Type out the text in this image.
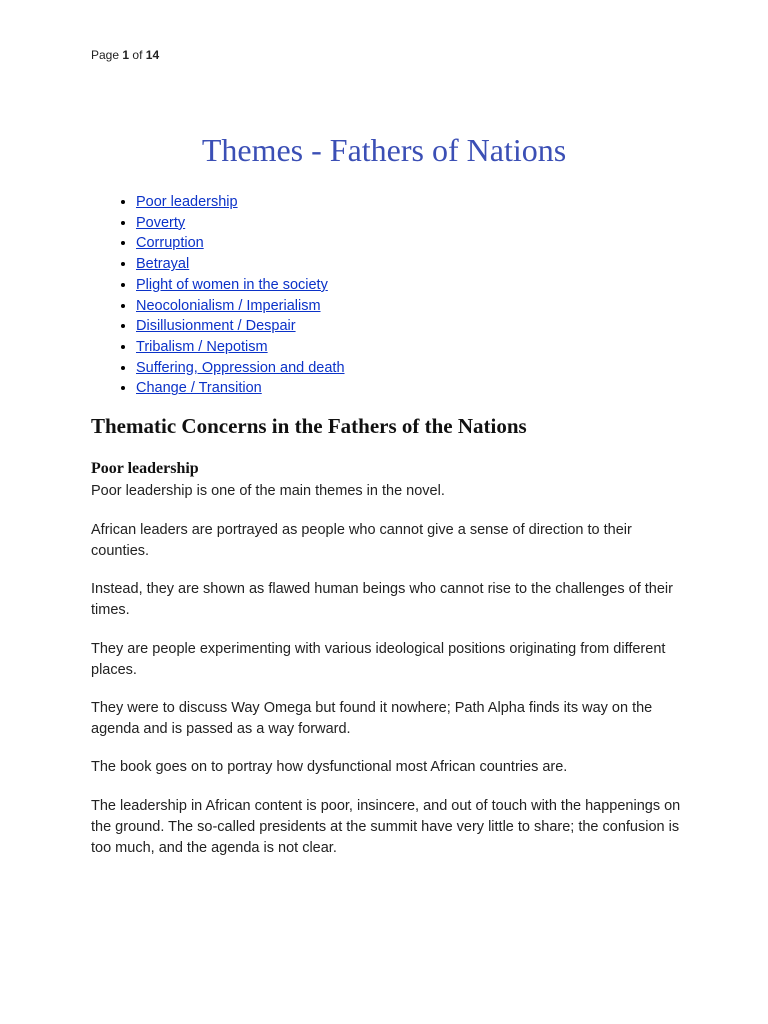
Page 1 of 14
Themes - Fathers of Nations
• Poor leadership
• Poverty
• Corruption
• Betrayal
• Plight of women in the society
• Neocolonialism / Imperialism
• Disillusionment / Despair
• Tribalism / Nepotism
• Suffering, Oppression and death
• Change / Transition
Thematic Concerns in the Fathers of the Nations
Poor leadership

Poor leadership is one of the main themes in the novel.

African leaders are portrayed as people who cannot give a sense of direction to their counties.

Instead, they are shown as flawed human beings who cannot rise to the challenges of their times.

They are people experimenting with various ideological positions originating from different places.

They were to discuss Way Omega but found it nowhere; Path Alpha finds its way on the agenda and is passed as a way forward.

The book goes on to portray how dysfunctional most African countries are.

The leadership in African content is poor, insincere, and out of touch with the happenings on the ground. The so-called presidents at the summit have very little to share; the confusion is too much, and the agenda is not clear.
